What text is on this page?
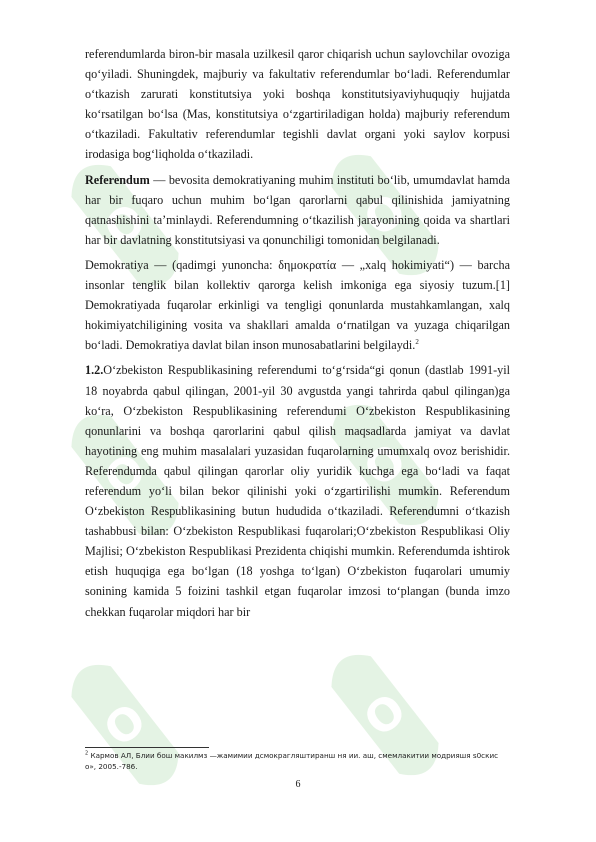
O	O
O	O
O	O

referendumlarda biron-bir masala uzilkesil qaror chiqarish uchun saylovchilar ovoziga qo‘yiladi. Shuningdek, majburiy va fakultativ referendumlar bo‘ladi. Referendumlar o‘tkazish zarurati konstitutsiya yoki boshqa konstitutsiyaviyhuquqiy hujjatda ko‘rsatilgan bo‘lsa (Mas, konstitutsiya o‘zgartiriladigan holda) majburiy referendum o‘tkaziladi. Fakultativ referendumlar tegishli davlat organi yoki saylov korpusi irodasiga bog‘liqholda o‘tkaziladi.

Referendum — bevosita demokratiyaning muhim instituti bo‘lib, umumdavlat hamda har bir fuqaro uchun muhim bo‘lgan qarorlarni qabul qilinishida jamiyatning qatnashishini ta’minlaydi. Referendumning o‘tkazilish jarayonining qoida va shartlari har bir davlatning konstitutsiyasi va qonunchiligi tomonidan belgilanadi.

Demokratiya — (qadimgi yunoncha: δημοκρατία — „xalq hokimiyati“) — barcha insonlar tenglik bilan kollektiv qarorga kelish imkoniga ega siyosiy tuzum.[1] Demokratiyada fuqarolar erkinligi va tengligi qonunlarda mustahkamlangan, xalq hokimiyatchiligining vosita va shakllari amalda o‘rnatilgan va yuzaga chiqarilgan bo‘ladi. Demokratiya davlat bilan inson munosabatlarini belgilaydi.$^2$

1.2.O‘zbekiston Respublikasining referendumi to‘g‘rsida“gi qonun (dastlab 1991-yil 18 noyabrda qabul qilingan, 2001-yil 30 avgustda yangi tahrirda qabul qilingan)ga ko‘ra, O‘zbekiston Respublikasining referendumi O‘zbekiston Respublikasining qonunlarini va boshqa qarorlarini qabul qilish maqsadlarda jamiyat va davlat hayotining eng muhim masalalari yuzasidan fuqarolarning umumxalq ovoz berishidir. Referendumda qabul qilingan qarorlar oliy yuridik kuchga ega bo‘ladi va faqat referendum yo‘li bilan bekor qilinishi yoki o‘zgartirilishi mumkin. Referendum O‘zbekiston Respublikasining butun hududida o‘tkaziladi. Referendumni o‘tkazish tashabbusi bilan: O‘zbekiston Respublikasi fuqarolari;O‘zbekiston Respublikasi Oliy Majlisi; O‘zbekiston Respublikasi Prezidenta chiqishi mumkin. Referendumda ishtirok etish huquqiga ega bo‘lgan (18 yoshga to‘lgan) O‘zbekiston fuqarolari umumiy sonining kamida 5 foizini tashkil etgan fuqarolar imzosi to‘plangan (bunda imzo chekkan fuqarolar miqdori har bir

$^2$ Кармов АЛ, Блии бош макилмз —жамимии дсмокрагляштиранш ня ии. аш, смемлакитии модрияшя s0скис о», 2005.-786.

6
